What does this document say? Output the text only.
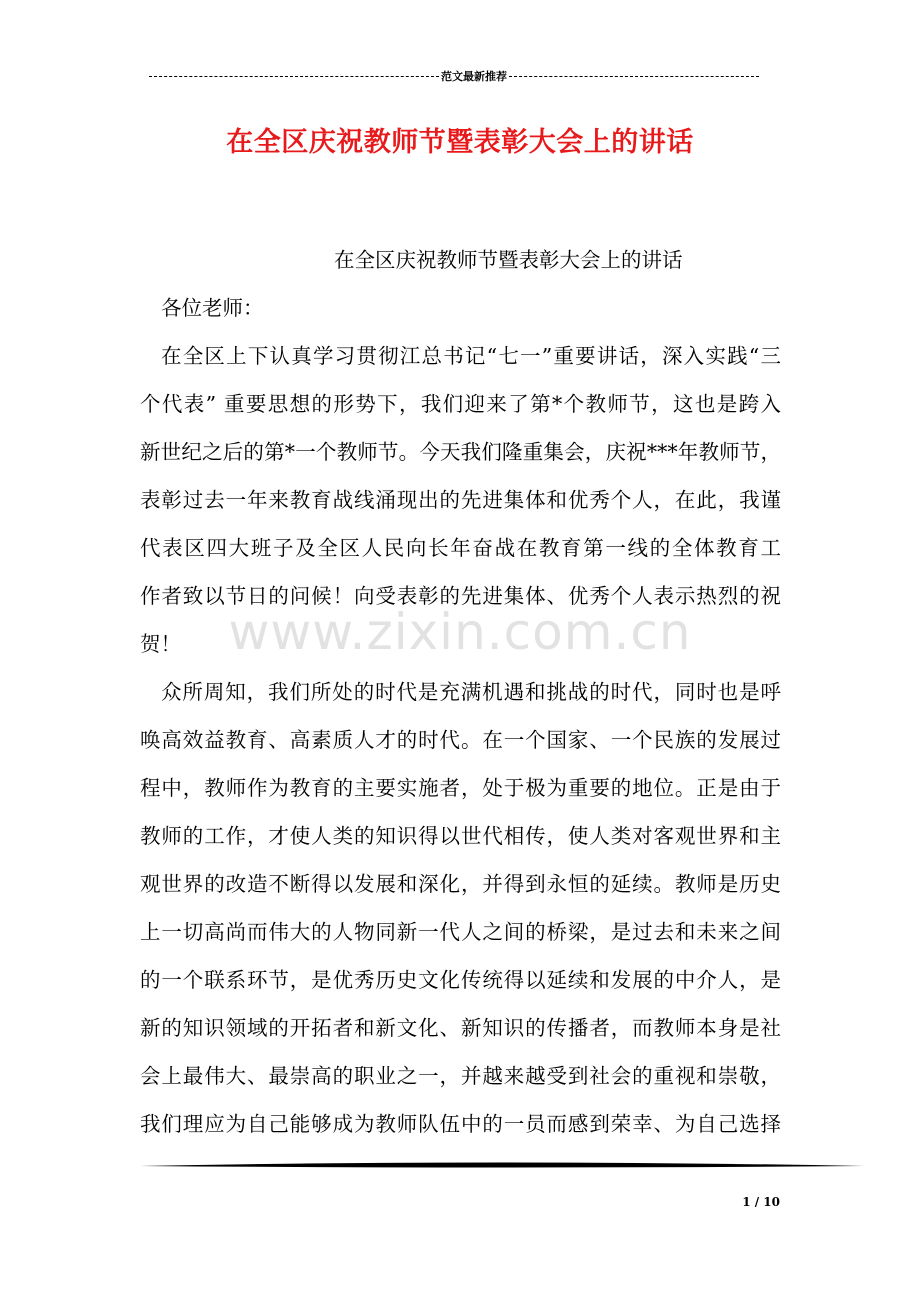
范文最新推荐
在全区庆祝教师节暨表彰大会上的讲话
www.zixin.com.cn

在全区庆祝教师节暨表彰大会上的讲话

各位老师：

在全区上下认真学习贯彻江总书记“七一”重要讲话，深入实践“三
个代表” 重要思想的形势下，我们迎来了第*个教师节，这也是跨入
新世纪之后的第*一个教师节。今天我们隆重集会，庆祝***年教师节，
表彰过去一年来教育战线涌现出的先进集体和优秀个人，在此，我谨
代表区四大班子及全区人民向长年奋战在教育第一线的全体教育工
作者致以节日的问候！向受表彰的先进集体、优秀个人表示热烈的祝
贺！

众所周知，我们所处的时代是充满机遇和挑战的时代，同时也是呼
唤高效益教育、高素质人才的时代。在一个国家、一个民族的发展过
程中，教师作为教育的主要实施者，处于极为重要的地位。正是由于
教师的工作，才使人类的知识得以世代相传，使人类对客观世界和主
观世界的改造不断得以发展和深化，并得到永恒的延续。教师是历史
上一切高尚而伟大的人物同新一代人之间的桥梁，是过去和未来之间
的一个联系环节，是优秀历史文化传统得以延续和发展的中介人，是
新的知识领域的开拓者和新文化、新知识的传播者，而教师本身是社
会上最伟大、最崇高的职业之一，并越来越受到社会的重视和崇敬，
我们理应为自己能够成为教师队伍中的一员而感到荣幸、为自己选择

1 / 10
